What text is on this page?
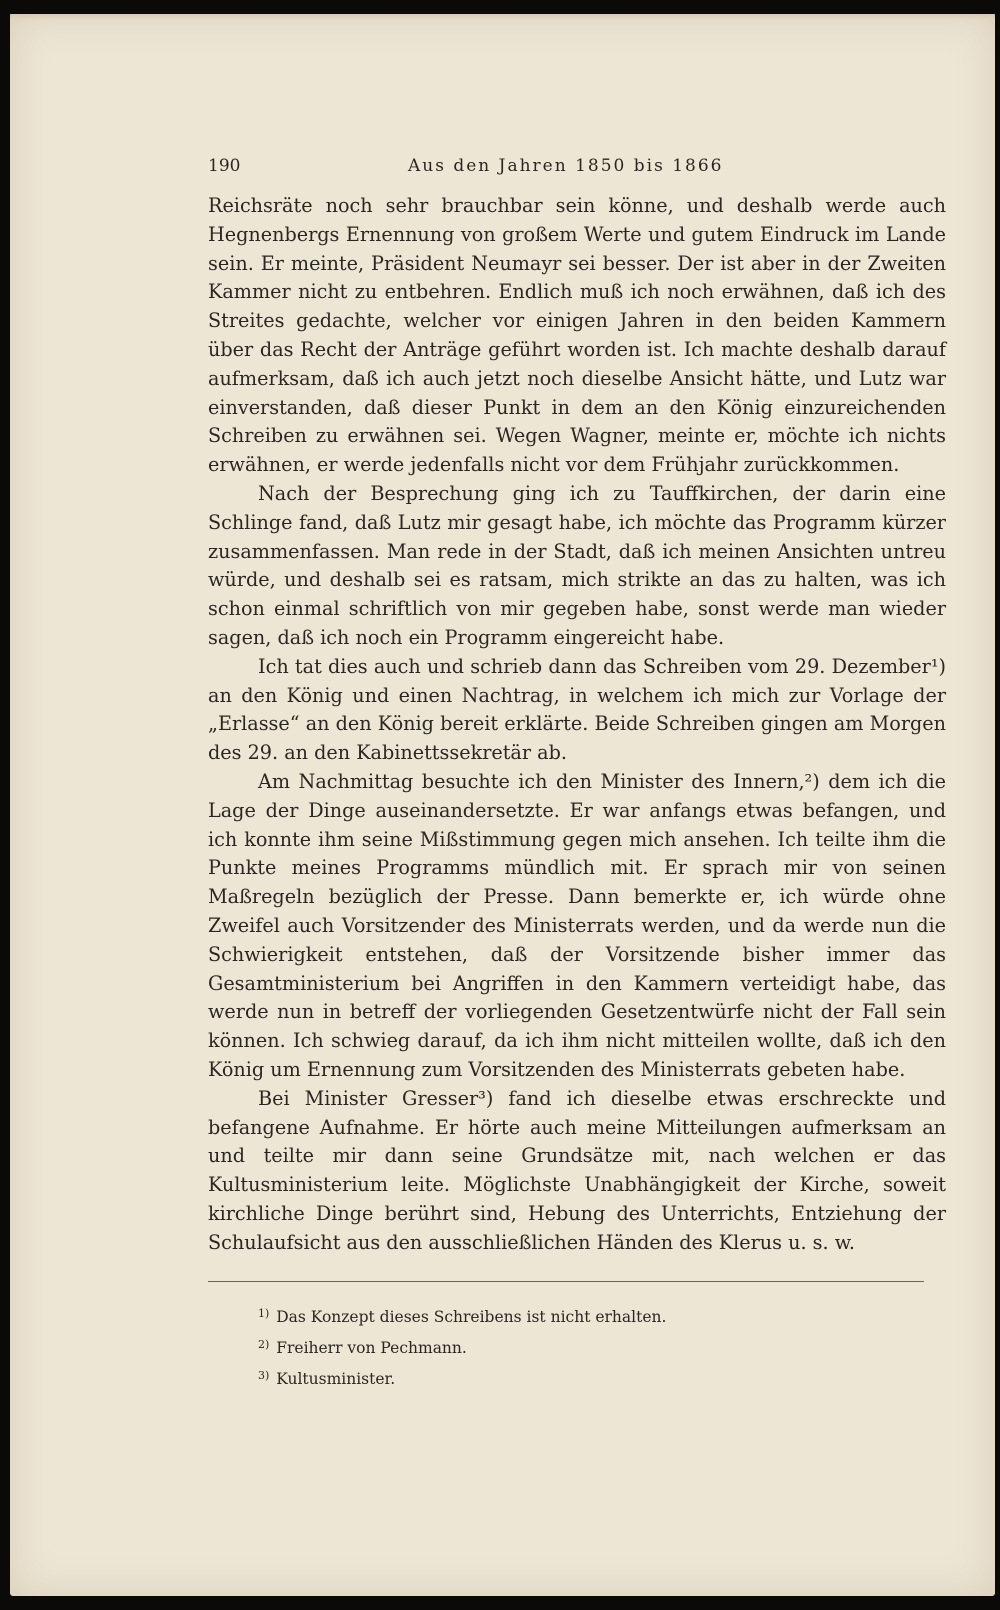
190	Aus den Jahren 1850 bis 1866

Reichsräte noch sehr brauchbar sein könne, und deshalb werde auch Hegnenbergs Ernennung von großem Werte und gutem Eindruck im Lande sein. Er meinte, Präsident Neumayr sei besser. Der ist aber in der Zweiten Kammer nicht zu entbehren. Endlich muß ich noch erwähnen, daß ich des Streites gedachte, welcher vor einigen Jahren in den beiden Kammern über das Recht der Anträge geführt worden ist. Ich machte deshalb darauf aufmerksam, daß ich auch jetzt noch dieselbe Ansicht hätte, und Lutz war einverstanden, daß dieser Punkt in dem an den König einzureichenden Schreiben zu erwähnen sei. Wegen Wagner, meinte er, möchte ich nichts erwähnen, er werde jedenfalls nicht vor dem Frühjahr zurückkommen.

Nach der Besprechung ging ich zu Tauffkirchen, der darin eine Schlinge fand, daß Lutz mir gesagt habe, ich möchte das Programm kürzer zusammenfassen. Man rede in der Stadt, daß ich meinen Ansichten untreu würde, und deshalb sei es ratsam, mich strikte an das zu halten, was ich schon einmal schriftlich von mir gegeben habe, sonst werde man wieder sagen, daß ich noch ein Programm eingereicht habe.

Ich tat dies auch und schrieb dann das Schreiben vom 29. Dezember¹) an den König und einen Nachtrag, in welchem ich mich zur Vorlage der „Erlasse“ an den König bereit erklärte. Beide Schreiben gingen am Morgen des 29. an den Kabinettssekretär ab.

Am Nachmittag besuchte ich den Minister des Innern,²) dem ich die Lage der Dinge auseinandersetzte. Er war anfangs etwas befangen, und ich konnte ihm seine Mißstimmung gegen mich ansehen. Ich teilte ihm die Punkte meines Programms mündlich mit. Er sprach mir von seinen Maßregeln bezüglich der Presse. Dann bemerkte er, ich würde ohne Zweifel auch Vorsitzender des Ministerrats werden, und da werde nun die Schwierigkeit entstehen, daß der Vorsitzende bisher immer das Gesamtministerium bei Angriffen in den Kammern verteidigt habe, das werde nun in betreff der vorliegenden Gesetzentwürfe nicht der Fall sein können. Ich schwieg darauf, da ich ihm nicht mitteilen wollte, daß ich den König um Ernennung zum Vorsitzenden des Ministerrats gebeten habe.

Bei Minister Gresser³) fand ich dieselbe etwas erschreckte und befangene Aufnahme. Er hörte auch meine Mitteilungen aufmerksam an und teilte mir dann seine Grundsätze mit, nach welchen er das Kultusministerium leite. Möglichste Unabhängigkeit der Kirche, soweit kirchliche Dinge berührt sind, Hebung des Unterrichts, Entziehung der Schulaufsicht aus den ausschließlichen Händen des Klerus u. s. w.

$^{1)}$ Das Konzept dieses Schreibens ist nicht erhalten.
$^{2)}$ Freiherr von Pechmann.
$^{3)}$ Kultusminister.
